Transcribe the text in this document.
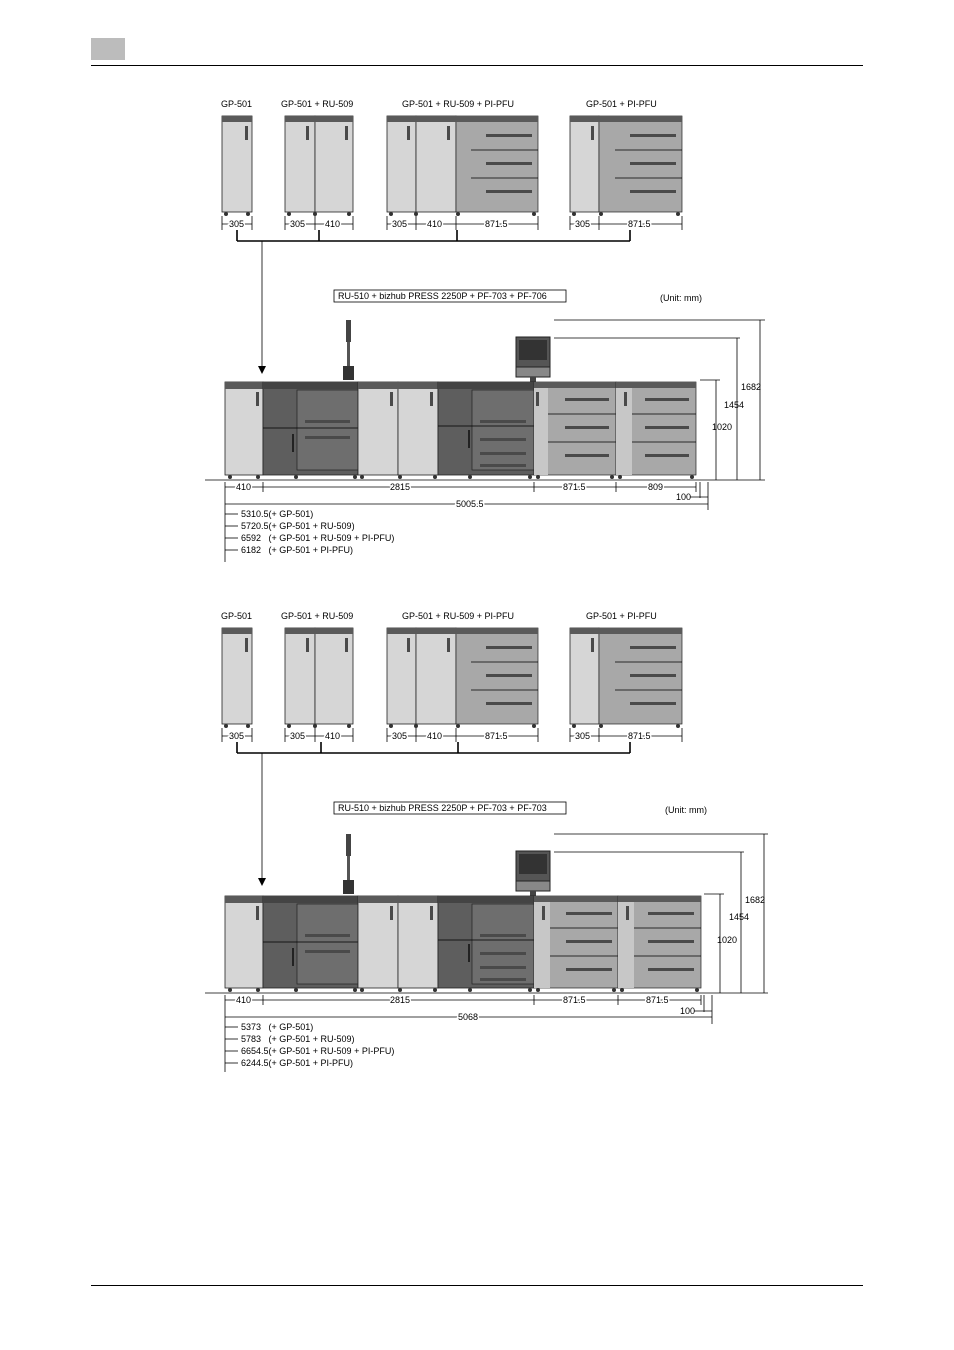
GP-501	GP-501 + RU-509	GP-501 + RU-509 + PI-PFU	GP-501 + PI-PFU
305	305 410	305 410	871.5	305	871.5
RU-510 + bizhub PRESS 2250P + PF-703 + PF-706	(Unit: mm)
1682
1454
1020
410	2815	871.5	809
100
5005.5
5310.5(+ GP-501)
5720.5(+ GP-501 + RU-509)
6592   (+ GP-501 + RU-509 + PI-PFU)
6182   (+ GP-501 + PI-PFU)
GP-501	GP-501 + RU-509	GP-501 + RU-509 + PI-PFU	GP-501 + PI-PFU
305	305 410	305 410	871.5	305	871.5
RU-510 + bizhub PRESS 2250P + PF-703 + PF-703	(Unit: mm)
1682
1454
1020
410	2815	871.5	871.5
100
5068
5373   (+ GP-501)
5783   (+ GP-501 + RU-509)
6654.5(+ GP-501 + RU-509 + PI-PFU)
6244.5(+ GP-501 + PI-PFU)
